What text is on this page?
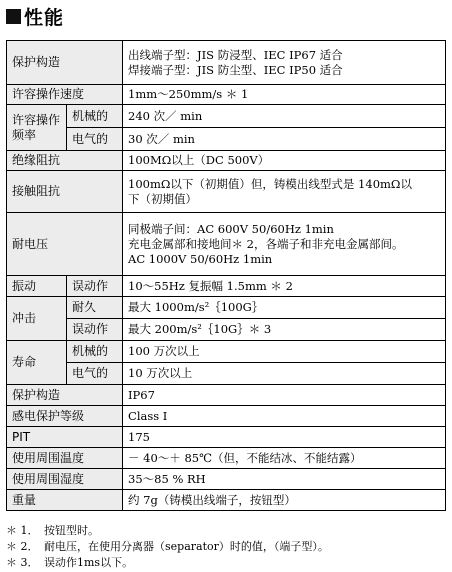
性能
保护构造		出线端子型：JIS 防浸型、IEC IP67 适合
焊接端子型：JIS 防尘型、IEC IP50 适合

许容操作速度		1mm～250mm/s ＊ 1

许容操作
频率	机械的	240 次／ min
	电气的	30 次／ min
绝缘阻抗		100MΩ以上（DC 500V）
接触阻抗		100mΩ以下（初期值）但，铸模出线型式是 140mΩ以
下（初期值）

耐电压		同极端子间：AC 600V 50/60Hz 1min
充电金属部和接地间＊ 2，各端子和非充电金属部间。
AC 1000V 50/60Hz 1min

振动	误动作	10～55Hz 复振幅 1.5mm ＊ 2
冲击	耐久	最大 1000m/s²｛100G｝
	误动作	最大 200m/s²｛10G｝＊ 3
寿命	机械的	100 万次以上
	电气的	10 万次以上
保护构造		IP67
感电保护等级		Class I
PIT		175
使用周围温度		－ 40～＋ 85℃（但，不能结冰、不能结露）
使用周围湿度		35～85 % RH
重量		约 7g（铸模出线端子，按钮型）
＊ 1．　按钮型时。
＊ 2．　耐电压，在使用分离器（separator）时的值，（端子型）。
＊ 3．　误动作1ms以下。
